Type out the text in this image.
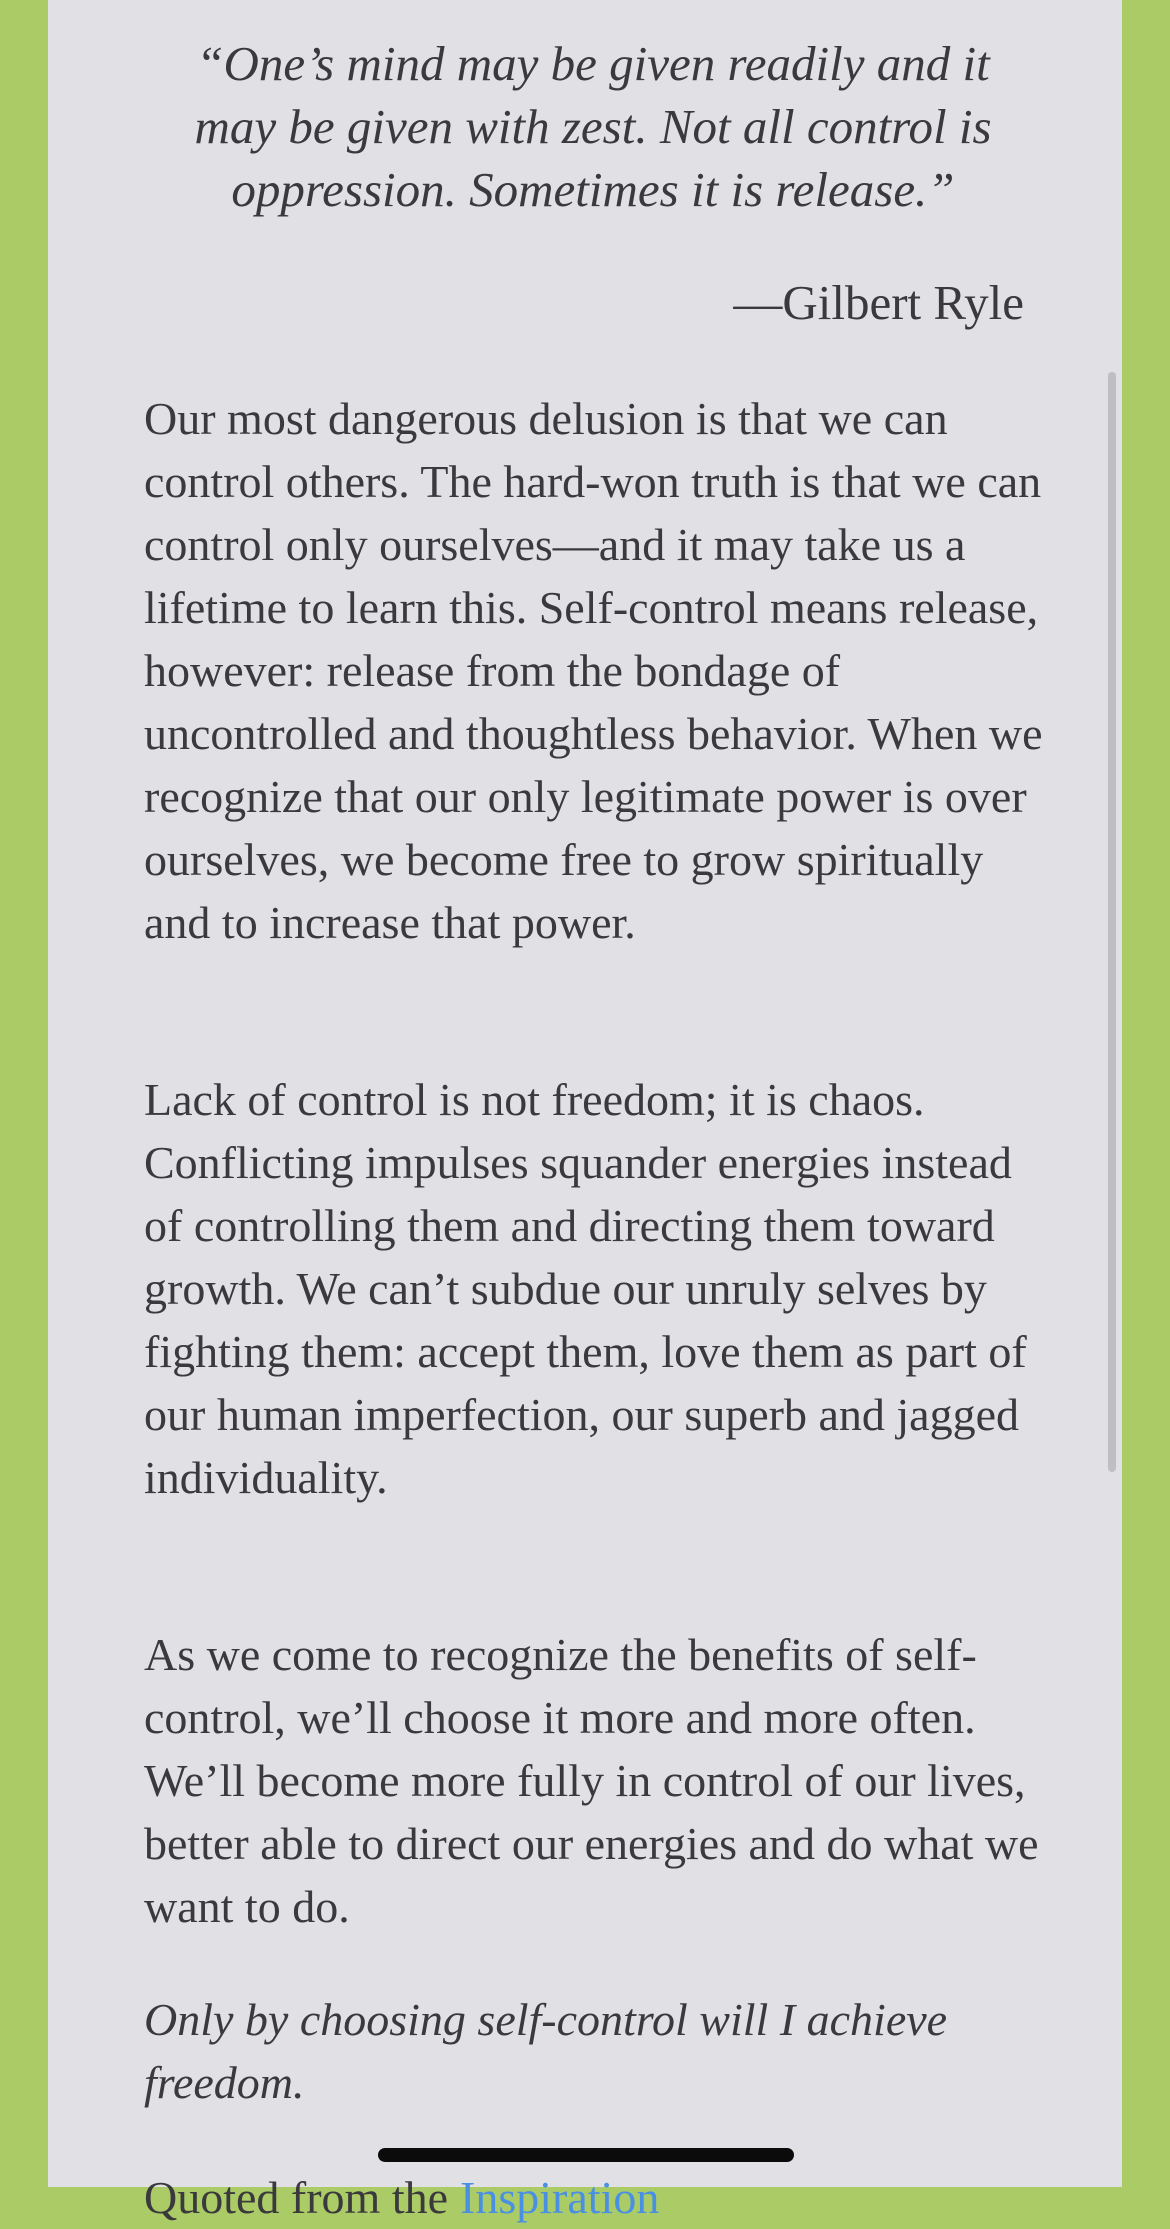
“One’s mind may be given readily and it may be given with zest. Not all control is oppression. Sometimes it is release.”

—Gilbert Ryle

Our most dangerous delusion is that we can control others. The hard-won truth is that we can control only ourselves—and it may take us a lifetime to learn this. Self-control means release, however: release from the bondage of uncontrolled and thoughtless behavior. When we recognize that our only legitimate power is over ourselves, we become free to grow spiritually and to increase that power.

Lack of control is not freedom; it is chaos. Conflicting impulses squander energies instead of controlling them and directing them toward growth. We can’t subdue our unruly selves by fighting them: accept them, love them as part of our human imperfection, our superb and jagged individuality.

As we come to recognize the benefits of self-control, we’ll choose it more and more often. We’ll become more fully in control of our lives, better able to direct our energies and do what we want to do.

Only by choosing self-control will I achieve freedom.

Quoted from the Inspiration
